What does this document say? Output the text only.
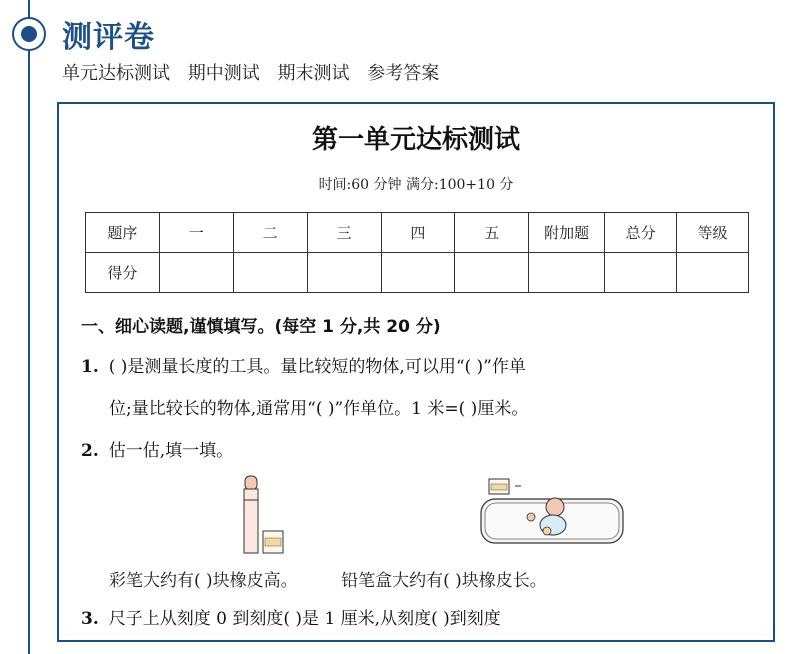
测评卷
单元达标测试 期中测试 期末测试 参考答案
第一单元达标测试
时间:60 分钟 满分:100+10 分
题序	一	二	三	四	五	附加题	总分	等级
得分								
一、细心读题,谨慎填写。(每空 1 分,共 20 分)
1. ( )是测量长度的工具。量比较短的物体,可以用“( )”作单
位;量比较长的物体,通常用“( )”作单位。1 米=( )厘米。
2. 估一估,填一填。
彩笔大约有( )块橡皮高。	铅笔盒大约有( )块橡皮长。
3. 尺子上从刻度 0 到刻度( )是 1 厘米,从刻度( )到刻度
